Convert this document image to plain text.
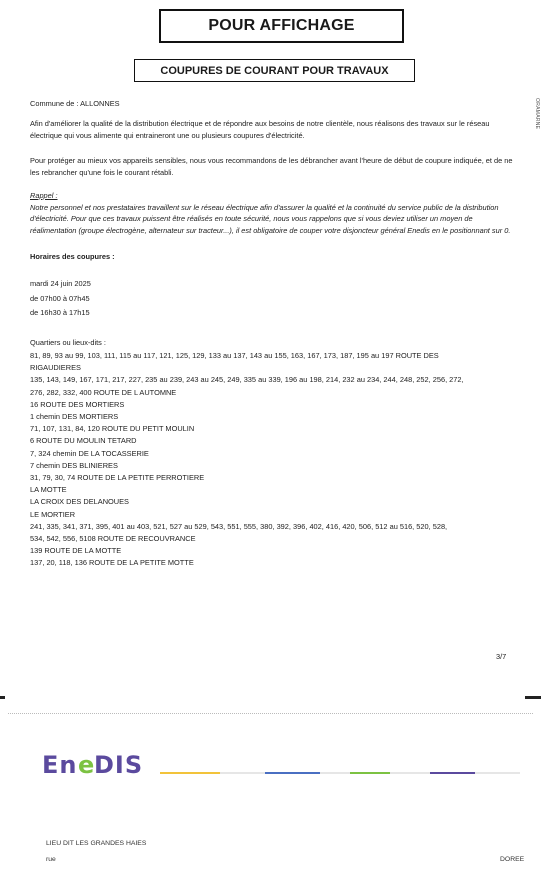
POUR AFFICHAGE
COUPURES DE COURANT POUR TRAVAUX
ORAMARNE
Commune de : ALLONNES
Afin d'améliorer la qualité de la distribution électrique et de répondre aux besoins de notre clientèle, nous réalisons des travaux sur le réseau électrique qui vous alimente qui entraineront une ou plusieurs coupures d'électricité.
Pour protéger au mieux vos appareils sensibles, nous vous recommandons de les débrancher avant l'heure de début de coupure indiquée, et de ne les rebrancher qu'une fois le courant rétabli.
Rappel :
Notre personnel et nos prestataires travaillent sur le réseau électrique afin d'assurer la qualité et la continuité du service public de la distribution d'électricité. Pour que ces travaux puissent être réalisés en toute sécurité, nous vous rappelons que si vous deviez utiliser un moyen de réalimentation (groupe électrogène, alternateur sur tracteur...), il est obligatoire de couper votre disjoncteur général Enedis en le positionnant sur 0.
Horaires des coupures :
mardi 24 juin 2025
de 07h00 à 07h45
de 16h30 à 17h15
Quartiers ou lieux-dits :
81, 89, 93 au 99, 103, 111, 115 au 117, 121, 125, 129, 133 au 137, 143 au 155, 163, 167, 173, 187, 195 au 197 ROUTE DES
RIGAUDIERES
135, 143, 149, 167, 171, 217, 227, 235 au 239, 243 au 245, 249, 335 au 339, 196 au 198, 214, 232 au 234, 244, 248, 252, 256, 272,
276, 282, 332, 400 ROUTE DE L AUTOMNE
16 ROUTE DES MORTIERS
1 chemin DES MORTIERS
71, 107, 131, 84, 120 ROUTE DU PETIT MOULIN
6 ROUTE DU MOULIN TETARD
7, 324 chemin DE LA TOCASSERIE
7 chemin DES BLINIERES
31, 79, 30, 74 ROUTE DE LA PETITE PERROTIERE
LA MOTTE
LA CROIX DES DELANOUES
LE MORTIER
241, 335, 341, 371, 395, 401 au 403, 521, 527 au 529, 543, 551, 555, 380, 392, 396, 402, 416, 420, 506, 512 au 516, 520, 528,
534, 542, 556, 5108 ROUTE DE RECOUVRANCE
139 ROUTE DE LA MOTTE
137, 20, 118, 136 ROUTE DE LA PETITE MOTTE
3/7
En e
DIS
LIEU DIT LES GRANDES HAIES
rue	DOREE
